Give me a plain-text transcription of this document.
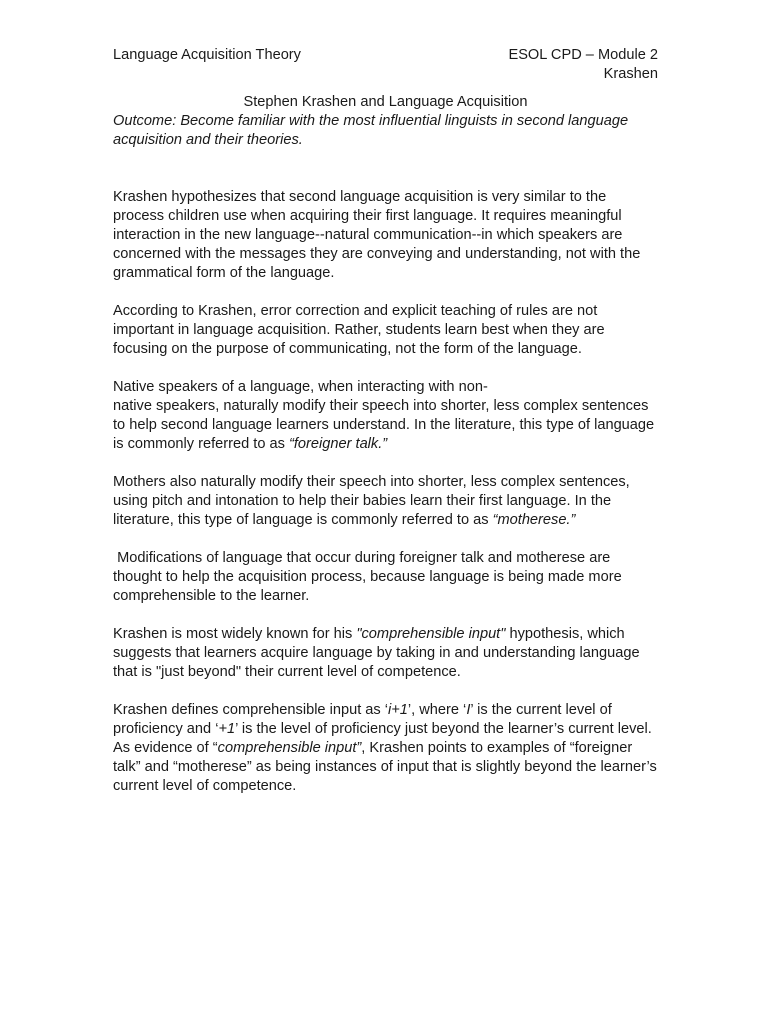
Language Acquisition Theory	ESOL CPD – Module 2
Krashen
Stephen Krashen and Language Acquisition

Outcome: Become familiar with the most influential linguists in second language acquisition and their theories.

Krashen hypothesizes that second language acquisition is very similar to the process children use when acquiring their first language. It requires meaningful interaction in the new language--natural communication--in which speakers are concerned with the messages they are conveying and understanding, not with the grammatical form of the language.

According to Krashen, error correction and explicit teaching of rules are not important in language acquisition. Rather, students learn best when they are focusing on the purpose of communicating, not the form of the language.

Native speakers of a language, when interacting with non-
native speakers, naturally modify their speech into shorter, less complex sentences to help second language learners understand. In the literature, this type of language is commonly referred to as “foreigner talk.”

Mothers also naturally modify their speech into shorter, less complex sentences, using pitch and intonation to help their babies learn their first language. In the literature, this type of language is commonly referred to as “motherese.”

Modifications of language that occur during foreigner talk and motherese are thought to help the acquisition process, because language is being made more comprehensible to the learner.

Krashen is most widely known for his "comprehensible input" hypothesis, which suggests that learners acquire language by taking in and understanding language that is "just beyond" their current level of competence.

Krashen defines comprehensible input as ‘i+1’, where ‘I’ is the current level of proficiency and ‘+1’ is the level of proficiency just beyond the learner’s current level. As evidence of “comprehensible input”, Krashen points to examples of “foreigner talk” and “motherese” as being instances of input that is slightly beyond the learner’s current level of competence.
